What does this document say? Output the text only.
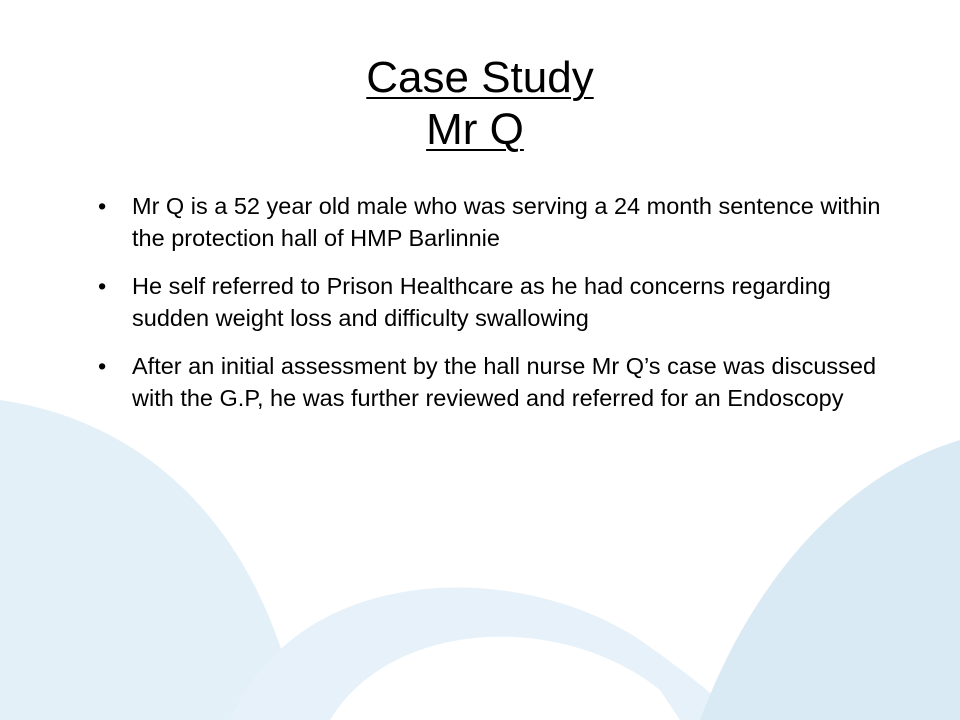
Case Study
Mr Q
• Mr Q is a 52 year old male who was serving a 24 month sentence within the protection hall of HMP Barlinnie
• He self referred to Prison Healthcare as he had concerns regarding sudden weight loss and difficulty swallowing
• After an initial assessment by the hall nurse Mr Q’s case was discussed with the G.P, he was further reviewed and referred for an Endoscopy
